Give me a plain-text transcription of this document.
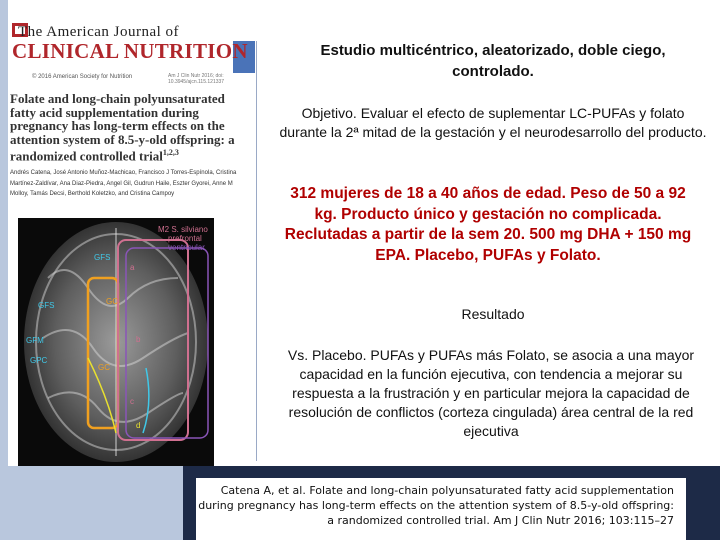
The American Journal of
CLINICAL NUTRITION
© 2016 American Society for Nutrition	Am J Clin Nutr 2016; doi: 10.3945/ajcn.115.121337
Folate and long-chain polyunsaturated fatty acid supplementation during pregnancy has long-term effects on the attention system of 8.5-y-old offspring: a randomized controlled trial$^{1,2,3}$
Andrés Catena, José Antonio Muñoz-Machicao, Francisco J Torres-Espínola, Cristina Martínez-Zaldívar, Ana Diaz-Piedra, Angel Gil, Gudrun Haile, Eszter Gyorei, Anne M Molloy, Tamás Decsi, Berthold Koletzko, and Cristina Campoy
M2 S. silviano
prefrontal
ventricular
GFS
GFS	GC
GFM
GPC
GC
a
b
c
d
Estudio multicéntrico, aleatorizado, doble ciego, controlado.
Objetivo. Evaluar el efecto de suplementar LC-PUFAs y folato durante la 2ª mitad de la gestación y el neurodesarrollo del producto.
312 mujeres de 18 a 40 años de edad. Peso de 50 a 92 kg. Producto único y gestación no complicada. Reclutadas a partir de la sem 20. 500 mg DHA + 150 mg EPA. Placebo, PUFAs y Folato.
Resultado
Vs. Placebo. PUFAs y PUFAs más Folato, se asocia a una mayor capacidad en la función ejecutiva, con tendencia a mejorar su respuesta a la frustración y en particular mejora la capacidad de resolución de conflictos (corteza cingulada) área central de la red ejecutiva
Catena A, et al. Folate and long-chain polyunsaturated fatty acid supplementation during pregnancy has long-term effects on the attention system of 8.5-y-old offspring: a randomized controlled trial. Am J Clin Nutr 2016; 103:115–27
